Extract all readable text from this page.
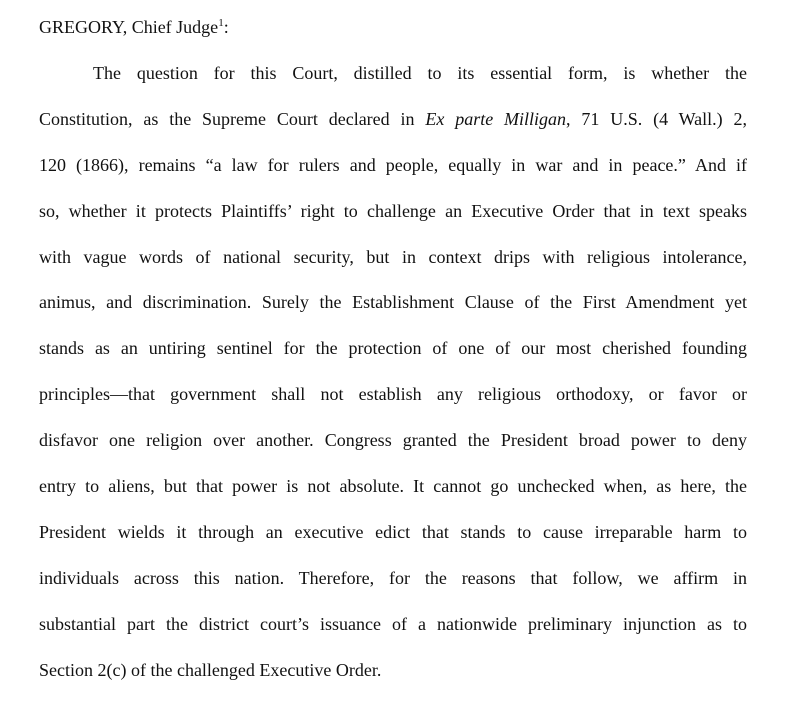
GREGORY, Chief Judge$^1$:
The question for this Court, distilled to its essential form, is whether the
Constitution, as the Supreme Court declared in Ex parte Milligan, 71 U.S. (4 Wall.) 2,
120 (1866), remains “a law for rulers and people, equally in war and in peace.” And if
so, whether it protects Plaintiffs’ right to challenge an Executive Order that in text speaks
with vague words of national security, but in context drips with religious intolerance,
animus, and discrimination. Surely the Establishment Clause of the First Amendment yet
stands as an untiring sentinel for the protection of one of our most cherished founding
principles—that government shall not establish any religious orthodoxy, or favor or
disfavor one religion over another. Congress granted the President broad power to deny
entry to aliens, but that power is not absolute. It cannot go unchecked when, as here, the
President wields it through an executive edict that stands to cause irreparable harm to
individuals across this nation. Therefore, for the reasons that follow, we affirm in
substantial part the district court’s issuance of a nationwide preliminary injunction as to
Section 2(c) of the challenged Executive Order.
